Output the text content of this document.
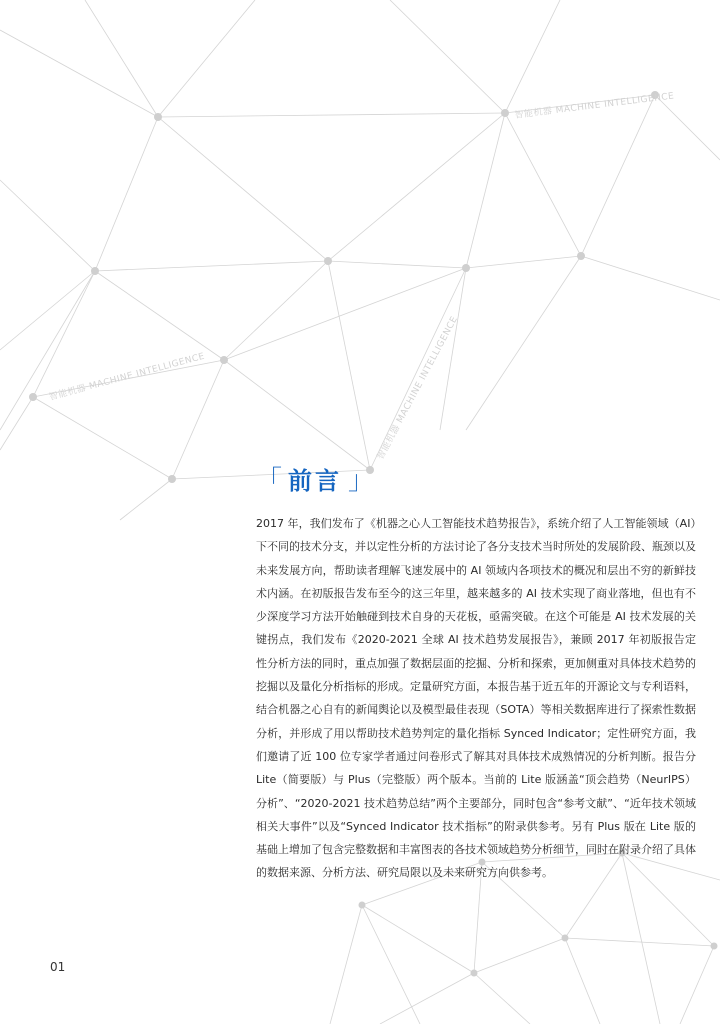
智能机器 MACHINE INTELLIGENCE
智能机器 MACHINE INTELLIGENCE	智能机器 MACHINE INTELLIGENCE
「 前言 」
2017 年，我们发布了《机器之心人工智能技术趋势报告》，系统介绍了人工智能领域（AI）下不同的技术分支，并以定性分析的方法讨论了各分支技术当时所处的发展阶段、瓶颈以及未来发展方向，帮助读者理解飞速发展中的 AI 领域内各项技术的概况和层出不穷的新鲜技术内涵。在初版报告发布至今的这三年里，越来越多的 AI 技术实现了商业落地，但也有不少深度学习方法开始触碰到技术自身的天花板，亟需突破。在这个可能是 AI 技术发展的关键拐点，我们发布《2020-2021 全球 AI 技术趋势发展报告》，兼顾 2017 年初版报告定性分析方法的同时，重点加强了数据层面的挖掘、分析和探索，更加侧重对具体技术趋势的挖掘以及量化分析指标的形成。定量研究方面，本报告基于近五年的开源论文与专利语料，结合机器之心自有的新闻舆论以及模型最佳表现（SOTA）等相关数据库进行了探索性数据分析，并形成了用以帮助技术趋势判定的量化指标 Synced Indicator；定性研究方面，我们邀请了近 100 位专家学者通过问卷形式了解其对具体技术成熟情况的分析判断。报告分 Lite（简要版）与 Plus（完整版）两个版本。当前的 Lite 版涵盖“顶会趋势（NeurIPS）分析”、“2020-2021 技术趋势总结”两个主要部分，同时包含“参考文献”、“近年技术领域相关大事件”以及“Synced Indicator 技术指标”的附录供参考。另有 Plus 版在 Lite 版的基础上增加了包含完整数据和丰富图表的各技术领域趋势分析细节，同时在附录介绍了具体的数据来源、分析方法、研究局限以及未来研究方向供参考。
01
